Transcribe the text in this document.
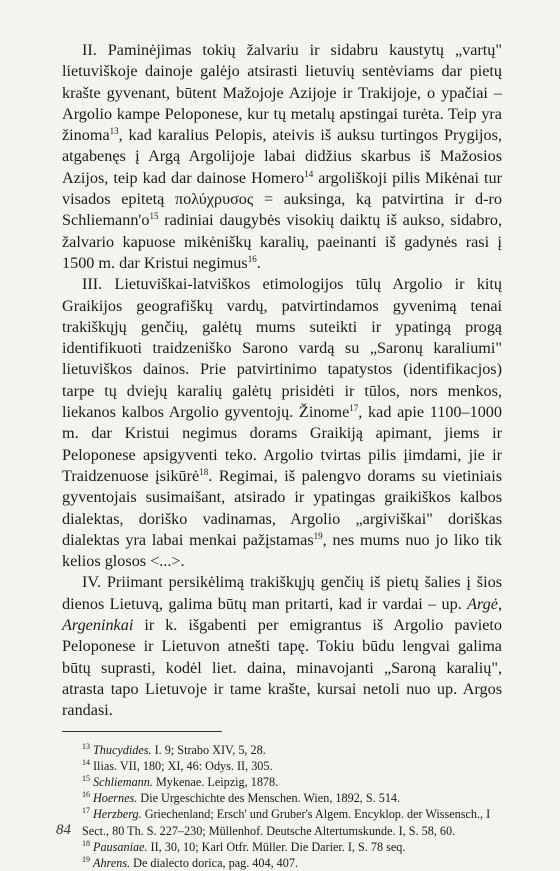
II. Paminėjimas tokių žalvariu ir sidabru kaustytų „vartų" lietuviškoje dainoje galėjo atsirasti lietuvių sentėviams dar pietų krašte gyvenant, būtent Mažojoje Azijoje ir Trakijoje, o ypačiai – Argolio kampe Peloponese, kur tų metalų apstingai turėta. Teip yra žinoma$^{13}$, kad karalius Pelopis, ateivis iš auksu turtingos Prygijos, atgabenęs į Argą Argolijoje labai didžius skarbus iš Mažosios Azijos, teip kad dar dainose Homero$^{14}$ argoliškoji pilis Mikėnai tur visados epitetą πολύχρυσος = auksinga, ką patvirtina ir d-ro $Schliemann'o^{15}$ radiniai daugybės visokių daiktų iš aukso, sidabro, žalvario kapuose mikėniškų karalių, paeinanti iš gadynės rasi į 1500 m. dar Kristui negimus$^{16}$.

III. Lietuviškai-latviškos etimologijos tūlų Argolio ir kitų Graikijos geografiškų vardų, patvirtindamos gyvenimą tenai trakiškųjų genčių, galėtų mums suteikti ir ypatingą progą identifikuoti traidzeniško Sarono vardą su „Saronų karaliumi" lietuviškos dainos. Prie patvirtinimo tapatystos (identifikacjos) tarpe tų dviejų karalių galėtų prisidėti ir tūlos, nors menkos, liekanos kalbos Argolio gyventojų. Žinome$^{17}$, kad apie 1100–1000 m. dar Kristui negimus dorams Graikiją apimant, jiems ir Peloponese apsigyventi teko. Argolio tvirtas pilis įimdami, jie ir Traidzenuose įsikūrė$^{18}$. Regimai, iš palengvo dorams su vietiniais gyventojais susimaišant, atsirado ir ypatingas graikiškos kalbos dialektas, doriško vadinamas, Argolio „argiviškai" doriškas dialektas yra labai menkai pažįstamas$^{19}$, nes mums nuo jo liko tik kelios glosos <...>.

IV. Priimant persikėlimą trakiškųjų genčių iš pietų šalies į šios dienos Lietuvą, galima būtų man pritarti, kad ir vardai – up. Argė, Argeninkai ir k. išgabenti per emigrantus iš Argolio pavieto Peloponese ir Lietuvon atnešti tapę. Tokiu būdu lengvai galima būtų suprasti, kodėl liet. daina, minavojanti „Saroną karalių", atrasta tapo Lietuvoje ir tame krašte, kursai netoli nuo up. Argos randasi.

$^{13}$ Thucydides. I. 9; Strabo XIV, 5, 28.
$^{14}$ Ilias. VII, 180; XI, 46: Odys. II, 305.
$^{15}$ Schliemann. Mykenae. Leipzig, 1878.
$^{16}$ Hoernes. Die Urgeschichte des Menschen. Wien, 1892, S. 514.
$^{17}$ Herzberg. Griechenland; Ersch' und Gruber's Algem. Encyklop. der Wissensch., I Sect., 80 Th. S. 227–230; Müllenhof. Deutsche Altertumskunde. I, S. 58, 60.
$^{18}$ Pausaniae. II, 30, 10; Karl Otfr. Müller. Die Darier. I, S. 78 seq.
$^{19}$ Ahrens. De dialecto dorica, pag. 404, 407.
84
